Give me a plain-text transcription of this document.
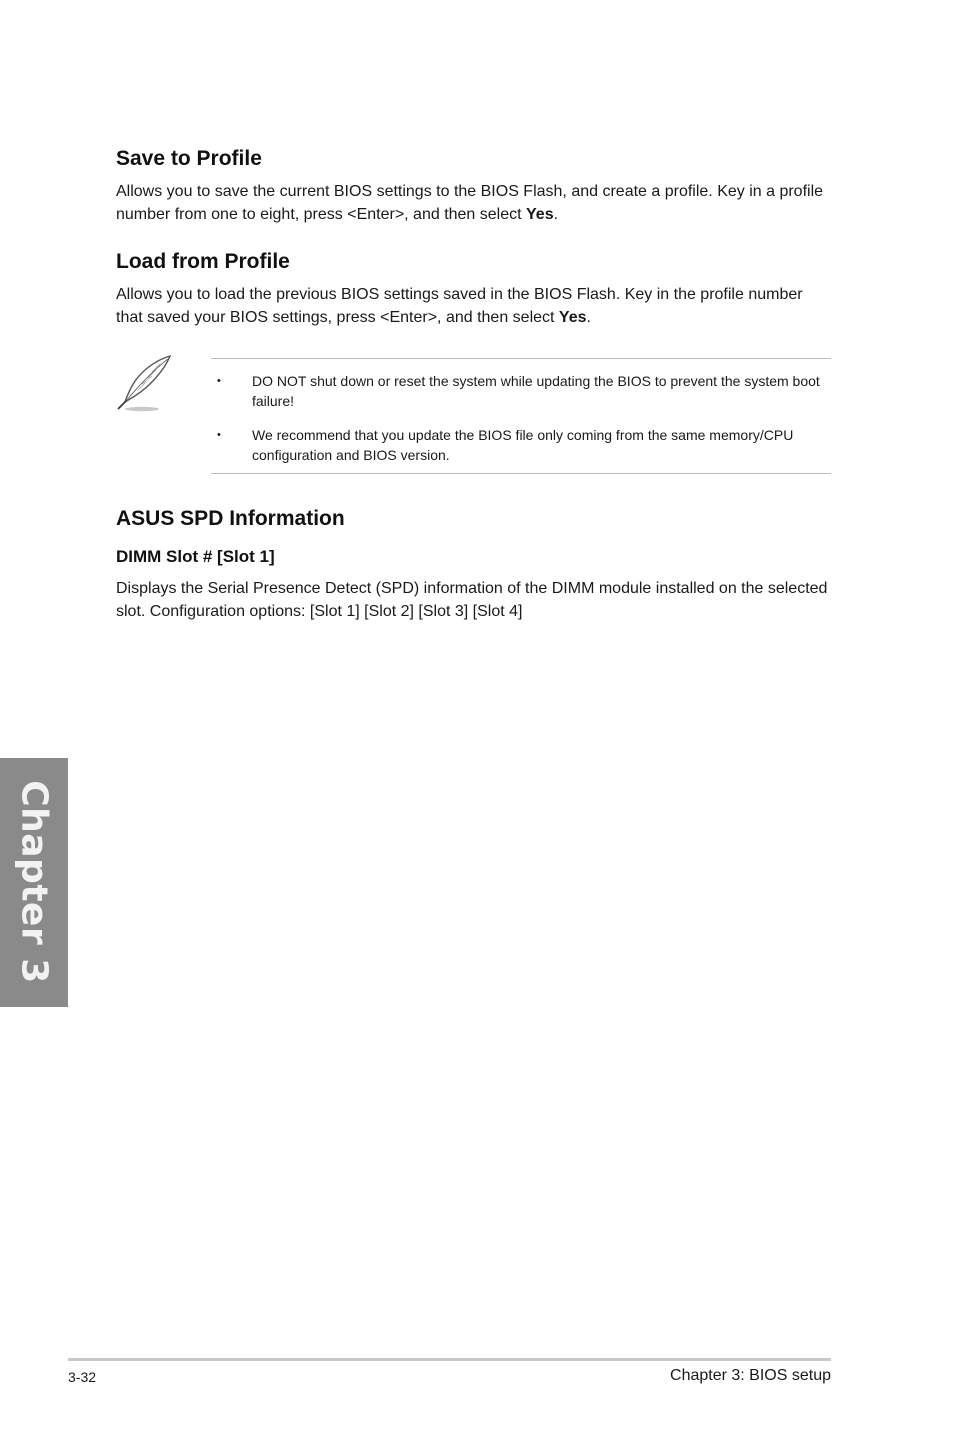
Save to Profile

Allows you to save the current BIOS settings to the BIOS Flash, and create a profile. Key in a profile number from one to eight, press <Enter>, and then select Yes.

Load from Profile

Allows you to load the previous BIOS settings saved in the BIOS Flash. Key in the profile number that saved your BIOS settings, press <Enter>, and then select Yes.

• DO NOT shut down or reset the system while updating the BIOS to prevent the system boot failure!
• We recommend that you update the BIOS file only coming from the same memory/CPU configuration and BIOS version.
ASUS SPD Information
DIMM Slot # [Slot 1]

Displays the Serial Presence Detect (SPD) information of the DIMM module installed on the selected slot. Configuration options: [Slot 1] [Slot 2] [Slot 3] [Slot 4]

Chapter 3
3-32	Chapter 3: BIOS setup
